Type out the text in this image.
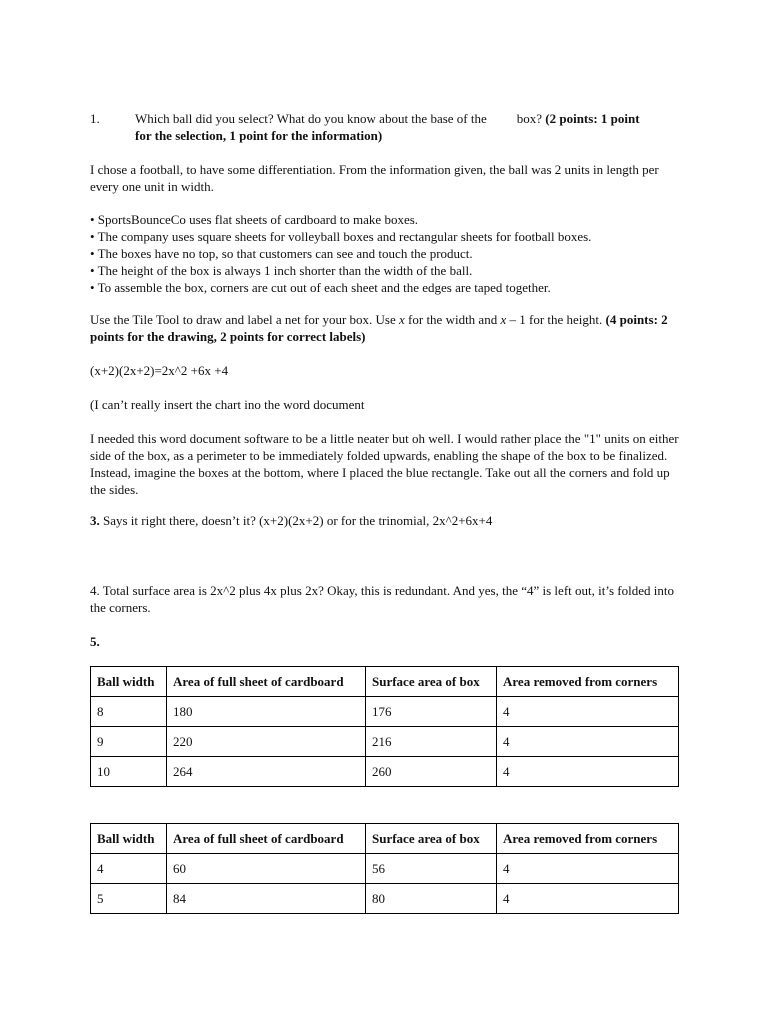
1.	Which ball did you select? What do you know about the base of the box? (2 points: 1 point for the selection, 1 point for the information)
I chose a football, to have some differentiation. From the information given, the ball was 2 units in length per every one unit in width.
• SportsBounceCo uses flat sheets of cardboard to make boxes.
• The company uses square sheets for volleyball boxes and rectangular sheets for football boxes.
• The boxes have no top, so that customers can see and touch the product.
• The height of the box is always 1 inch shorter than the width of the ball.
• To assemble the box, corners are cut out of each sheet and the edges are taped together.
Use the Tile Tool to draw and label a net for your box. Use x for the width and x – 1 for the height. (4 points: 2 points for the drawing, 2 points for correct labels)
(x+2)(2x+2)=2x^2 +6x +4
(I can’t really insert the chart ino the word document
I needed this word document software to be a little neater but oh well. I would rather place the "1" units on either side of the box, as a perimeter to be immediately folded upwards, enabling the shape of the box to be finalized. Instead, imagine the boxes at the bottom, where I placed the blue rectangle. Take out all the corners and fold up the sides.
3. Says it right there, doesn’t it? (x+2)(2x+2) or for the trinomial, 2x^2+6x+4
4. Total surface area is 2x^2 plus 4x plus 2x? Okay, this is redundant. And yes, the “4” is left out, it’s folded into the corners.
5.
Ball width	Area of full sheet of cardboard	Surface area of box	Area removed from corners
8	180	176	4
9	220	216	4
10	264	260	4
Ball width	Area of full sheet of cardboard	Surface area of box	Area removed from corners
4	60	56	4
5	84	80	4
